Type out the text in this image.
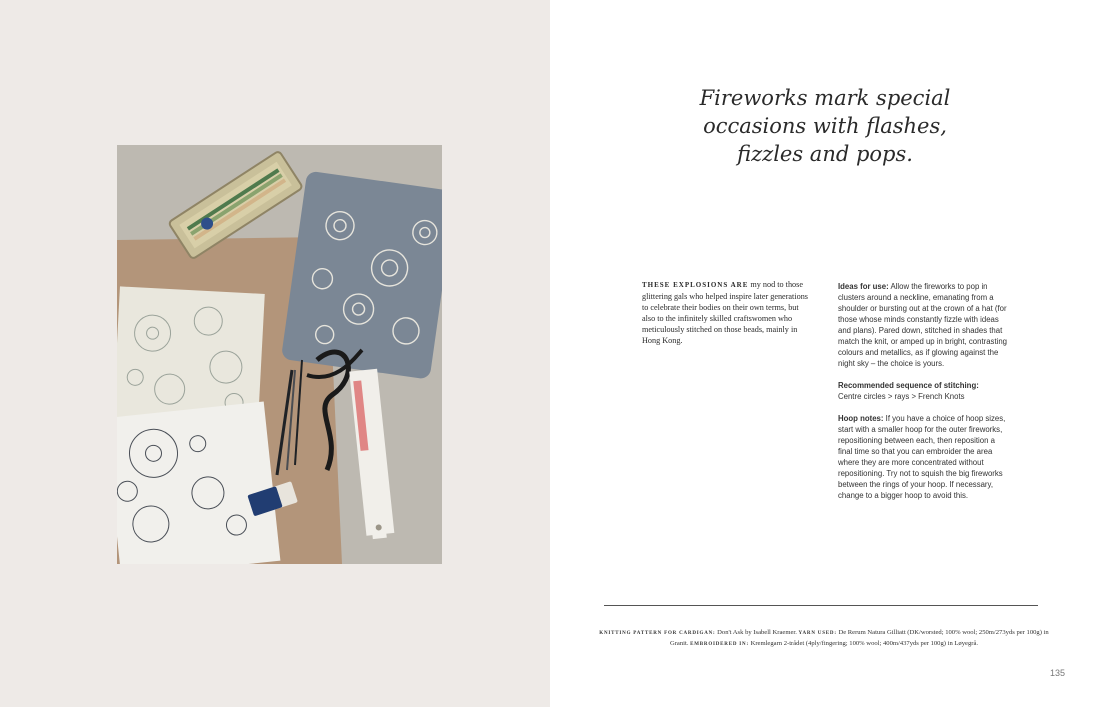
Fireworks mark special
occasions with flashes,
fizzles and pops.
THESE EXPLOSIONS ARE my nod to those glittering gals who helped inspire later generations to celebrate their bodies on their own terms, but also to the infinitely skilled craftswomen who meticulously stitched on those beads, mainly in Hong Kong.

Ideas for use: Allow the fireworks to pop in clusters around a neckline, emanating from a shoulder or bursting out at the crown of a hat (for those whose minds constantly fizzle with ideas and plans). Pared down, stitched in shades that match the knit, or amped up in bright, contrasting colours and metallics, as if glowing against the night sky – the choice is yours.

Recommended sequence of stitching:
Centre circles > rays > French Knots

Hoop notes: If you have a choice of hoop sizes, start with a smaller hoop for the outer fireworks, repositioning between each, then reposition a final time so that you can embroider the area where they are more concentrated without repositioning. Try not to squish the big fireworks between the rings of your hoop. If necessary, change to a bigger hoop to avoid this.

KNITTING PATTERN FOR CARDIGAN: Don't Ask by Isabell Kraemer. YARN USED: De Rerum Natura Gilliatt (DK/worsted; 100% wool; 250m/273yds per 100g) in Granit. EMBROIDERED IN: Kremlegarn 2-trådet (4ply/fingering; 100% wool; 400m/437yds per 100g) in Løyegrå.
135
